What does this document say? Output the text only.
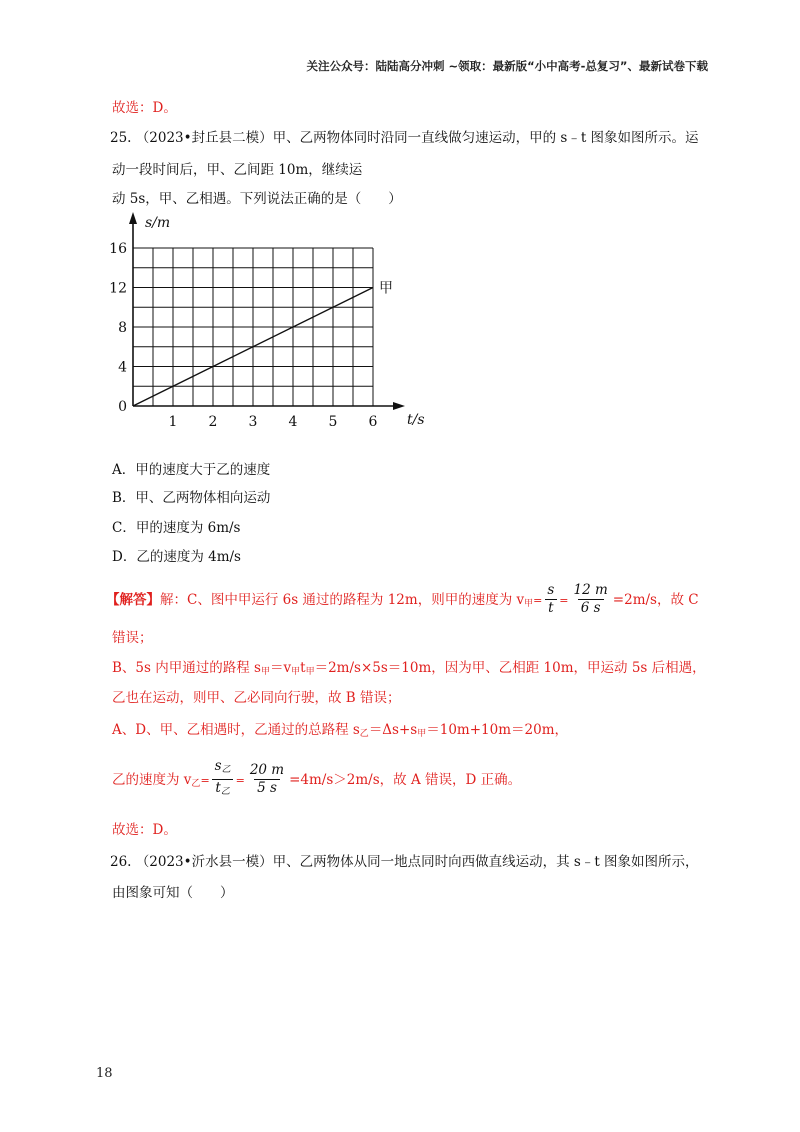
关注公众号：陆陆高分冲刺 ~领取：最新版“小中高考-总复习”、最新试卷下载
故选：D。
25. （2023•封丘县二模）甲、乙两物体同时沿同一直线做匀速运动，甲的 s﹣t 图象如图所示。运
动一段时间后，甲、乙间距 10m，继续运
动 5s，甲、乙相遇。下列说法正确的是（　　）
0
4
8
12
16
1 2 3 4 5 6
s/m
t/s
甲
A．甲的速度大于乙的速度
B．甲、乙两物体相向运动
C．甲的速度为 6m/s
D．乙的速度为 4m/s
【解答】解：C、图中甲运行 6s 通过的路程为 12m，则甲的速度为 $v_甲= \frac{s}{t} = \frac{12 m}{6 s} =2m/s$，故 C
错误；
B、5s 内甲通过的路程 $s_甲=v_甲t_甲=2m/s\times 5s=10m$，因为甲、乙相距 10m，甲运动 5s 后相遇，
乙也在运动，则甲、乙必同向行驶，故 B 错误；
A、D、甲、乙相遇时，乙通过的总路程 $s_乙=\Delta s+s_甲=10m+10m=20m$，
乙的速度为 $v_乙= \frac{s_乙}{t_乙} = \frac{20 m}{5 s} =4m/s>2m/s$，故 A 错误，D 正确。
故选：D。
26. （2023•沂水县一模）甲、乙两物体从同一地点同时向西做直线运动，其 s﹣t 图象如图所示，
由图象可知（　　）
18
